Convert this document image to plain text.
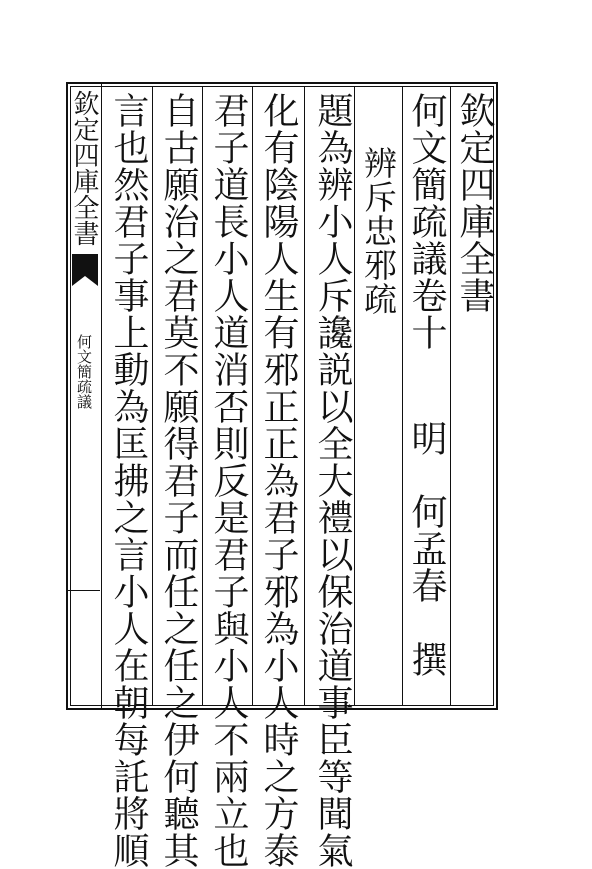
欽定四庫全書
何文簡疏議
欽定四庫全書
何文簡疏議卷十
明何孟春　撰
辨斥忠邪疏
題為辨小人斥讒説以全大禮以保治道事臣等聞氣
化有陰陽人生有邪正正為君子邪為小人時之方泰
君子道長小人道消否則反是君子與小人不兩立也
自古願治之君莫不願得君子而任之任之伊何聽其
言也然君子事上動為匡拂之言小人在朝每託將順
